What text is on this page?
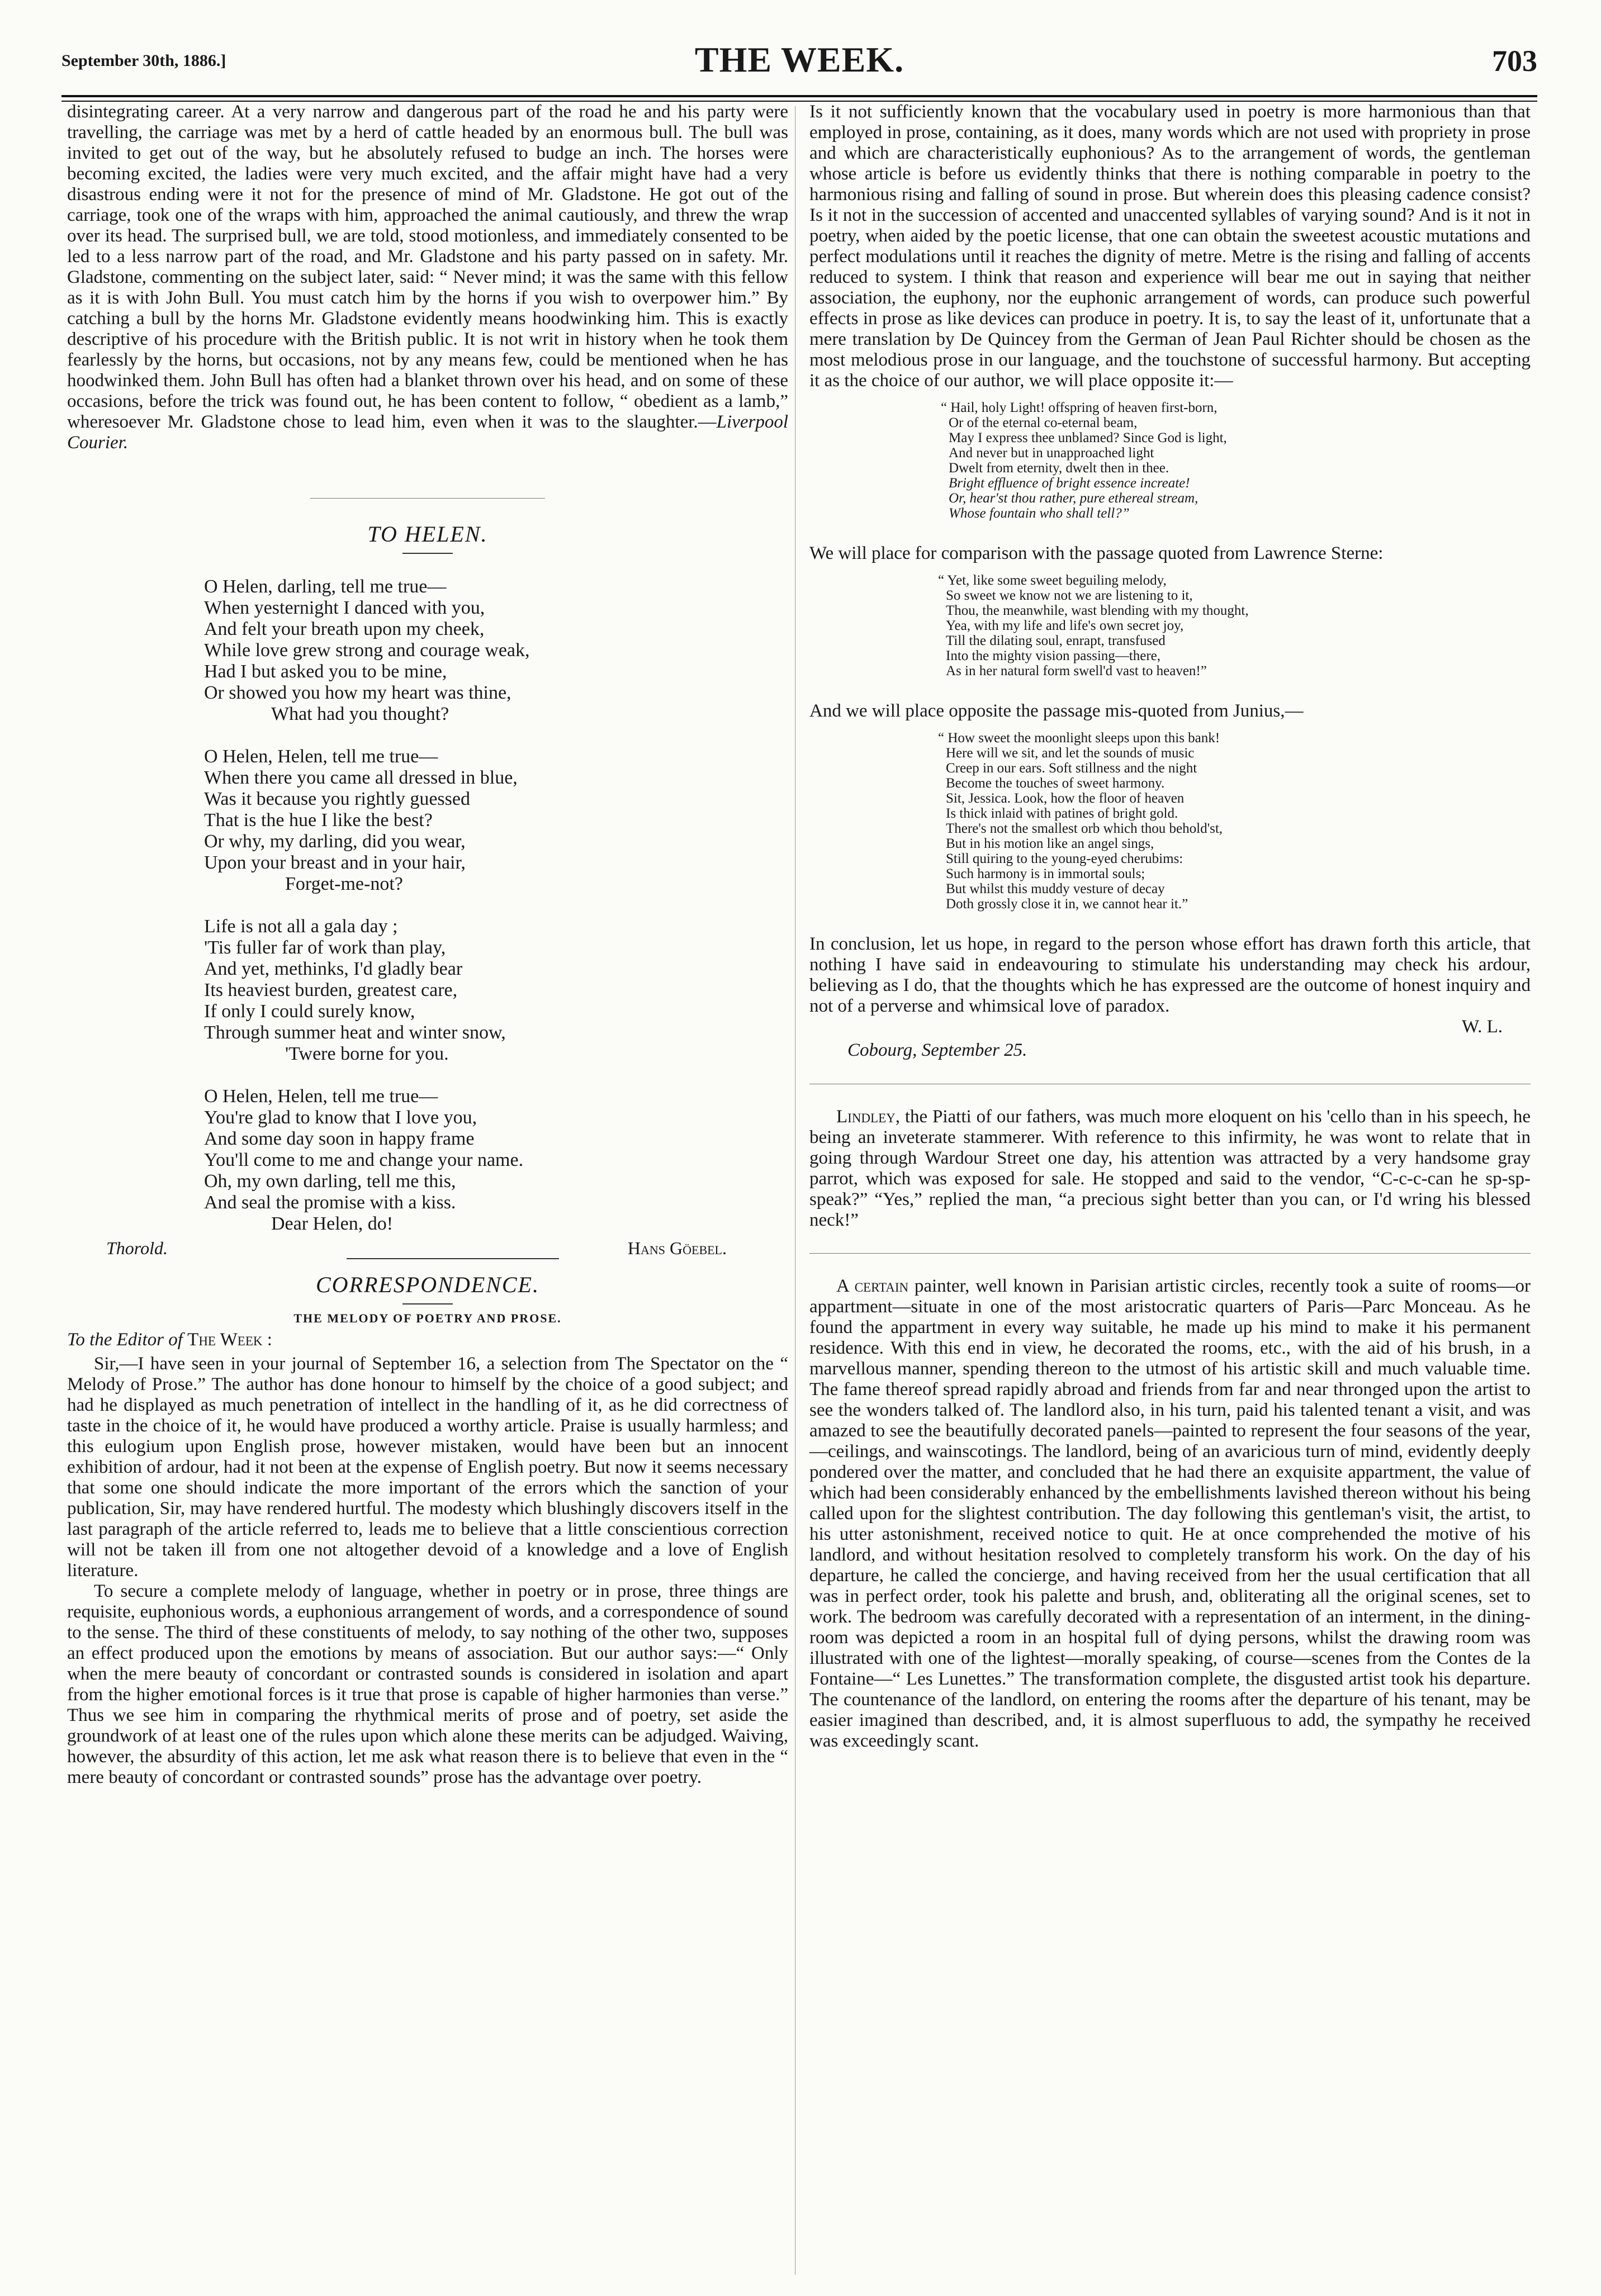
September 30th, 1886.]	THE WEEK.	703

disintegrating career. At a very narrow and dangerous part of the road he and his party were travelling, the carriage was met by a herd of cattle headed by an enormous bull. The bull was invited to get out of the way, but he absolutely refused to budge an inch. The horses were becoming excited, the ladies were very much excited, and the affair might have had a very disastrous ending were it not for the presence of mind of Mr. Gladstone. He got out of the carriage, took one of the wraps with him, approached the animal cautiously, and threw the wrap over its head. The surprised bull, we are told, stood motionless, and immediately consented to be led to a less narrow part of the road, and Mr. Gladstone and his party passed on in safety. Mr. Gladstone, commenting on the subject later, said: “ Never mind; it was the same with this fellow as it is with John Bull. You must catch him by the horns if you wish to overpower him.” By catching a bull by the horns Mr. Gladstone evidently means hoodwinking him. This is exactly descriptive of his procedure with the British public. It is not writ in history when he took them fearlessly by the horns, but occasions, not by any means few, could be mentioned when he has hoodwinked them. John Bull has often had a blanket thrown over his head, and on some of these occasions, before the trick was found out, he has been content to follow, “ obedient as a lamb,” wheresoever Mr. Gladstone chose to lead him, even when it was to the slaughter.—Liverpool Courier.

TO HELEN.
O Helen, darling, tell me true—
When yesternight I danced with you,
And felt your breath upon my cheek,
While love grew strong and courage weak,
Had I but asked you to be mine,
Or showed you how my heart was thine,
What had you thought?
O Helen, Helen, tell me true—
When there you came all dressed in blue,
Was it because you rightly guessed
That is the hue I like the best?
Or why, my darling, did you wear,
Upon your breast and in your hair,
Forget-me-not?
Life is not all a gala day ;
'Tis fuller far of work than play,
And yet, methinks, I'd gladly bear
Its heaviest burden, greatest care,
If only I could surely know,
Through summer heat and winter snow,
'Twere borne for you.
O Helen, Helen, tell me true—
You're glad to know that I love you,
And some day soon in happy frame
You'll come to me and change your name.
Oh, my own darling, tell me this,
And seal the promise with a kiss.
Dear Helen, do!
Thorold.	Hans Göebel.
CORRESPONDENCE.
THE MELODY OF POETRY AND PROSE.
To the Editor of The Week :

Sir,—I have seen in your journal of September 16, a selection from The Spectator on the “ Melody of Prose.” The author has done honour to himself by the choice of a good subject; and had he displayed as much penetration of intellect in the handling of it, as he did correctness of taste in the choice of it, he would have produced a worthy article. Praise is usually harmless; and this eulogium upon English prose, however mistaken, would have been but an innocent exhibition of ardour, had it not been at the expense of English poetry. But now it seems necessary that some one should indicate the more important of the errors which the sanction of your publication, Sir, may have rendered hurtful. The modesty which blushingly discovers itself in the last paragraph of the article referred to, leads me to believe that a little conscientious correction will not be taken ill from one not altogether devoid of a knowledge and a love of English literature.

To secure a complete melody of language, whether in poetry or in prose, three things are requisite, euphonious words, a euphonious arrangement of words, and a correspondence of sound to the sense. The third of these constituents of melody, to say nothing of the other two, supposes an effect produced upon the emotions by means of association. But our author says:—“ Only when the mere beauty of concordant or contrasted sounds is considered in isolation and apart from the higher emotional forces is it true that prose is capable of higher harmonies than verse.” Thus we see him in comparing the rhythmical merits of prose and of poetry, set aside the groundwork of at least one of the rules upon which alone these merits can be adjudged. Waiving, however, the absurdity of this action, let me ask what reason there is to believe that even in the “ mere beauty of concordant or contrasted sounds” prose has the advantage over poetry.

Is it not sufficiently known that the vocabulary used in poetry is more harmonious than that employed in prose, containing, as it does, many words which are not used with propriety in prose and which are characteristically euphonious? As to the arrangement of words, the gentleman whose article is before us evidently thinks that there is nothing comparable in poetry to the harmonious rising and falling of sound in prose. But wherein does this pleasing cadence consist? Is it not in the succession of accented and unaccented syllables of varying sound? And is it not in poetry, when aided by the poetic license, that one can obtain the sweetest acoustic mutations and perfect modulations until it reaches the dignity of metre. Metre is the rising and falling of accents reduced to system. I think that reason and experience will bear me out in saying that neither association, the euphony, nor the euphonic arrangement of words, can produce such powerful effects in prose as like devices can produce in poetry. It is, to say the least of it, unfortunate that a mere translation by De Quincey from the German of Jean Paul Richter should be chosen as the most melodious prose in our language, and the touchstone of successful harmony. But accepting it as the choice of our author, we will place opposite it:—

“ Hail, holy Light! offspring of heaven first-born,
Or of the eternal co-eternal beam,
May I express thee unblamed? Since God is light,
And never but in unapproached light
Dwelt from eternity, dwelt then in thee.
Bright effluence of bright essence increate!
Or, hear'st thou rather, pure ethereal stream,
Whose fountain who shall tell?”

We will place for comparison with the passage quoted from Lawrence Sterne:

“ Yet, like some sweet beguiling melody,
So sweet we know not we are listening to it,
Thou, the meanwhile, wast blending with my thought,
Yea, with my life and life's own secret joy,
Till the dilating soul, enrapt, transfused
Into the mighty vision passing—there,
As in her natural form swell'd vast to heaven!”

And we will place opposite the passage mis-quoted from Junius,—

“ How sweet the moonlight sleeps upon this bank!
Here will we sit, and let the sounds of music
Creep in our ears. Soft stillness and the night
Become the touches of sweet harmony.
Sit, Jessica. Look, how the floor of heaven
Is thick inlaid with patines of bright gold.
There's not the smallest orb which thou behold'st,
But in his motion like an angel sings,
Still quiring to the young-eyed cherubims:
Such harmony is in immortal souls;
But whilst this muddy vesture of decay
Doth grossly close it in, we cannot hear it.”

In conclusion, let us hope, in regard to the person whose effort has drawn forth this article, that nothing I have said in endeavouring to stimulate his understanding may check his ardour, believing as I do, that the thoughts which he has expressed are the outcome of honest inquiry and not of a perverse and whimsical love of paradox.

W. L.
Cobourg, September 25.

Lindley, the Piatti of our fathers, was much more eloquent on his 'cello than in his speech, he being an inveterate stammerer. With reference to this infirmity, he was wont to relate that in going through Wardour Street one day, his attention was attracted by a very handsome gray parrot, which was exposed for sale. He stopped and said to the vendor, “C-c-c-can he sp-sp-speak?” “Yes,” replied the man, “a precious sight better than you can, or I'd wring his blessed neck!”

A certain painter, well known in Parisian artistic circles, recently took a suite of rooms—or appartment—situate in one of the most aristocratic quarters of Paris—Parc Monceau. As he found the appartment in every way suitable, he made up his mind to make it his permanent residence. With this end in view, he decorated the rooms, etc., with the aid of his brush, in a marvellous manner, spending thereon to the utmost of his artistic skill and much valuable time. The fame thereof spread rapidly abroad and friends from far and near thronged upon the artist to see the wonders talked of. The landlord also, in his turn, paid his talented tenant a visit, and was amazed to see the beautifully decorated panels—painted to represent the four seasons of the year,—ceilings, and wainscotings. The landlord, being of an avaricious turn of mind, evidently deeply pondered over the matter, and concluded that he had there an exquisite appartment, the value of which had been considerably enhanced by the embellishments lavished thereon without his being called upon for the slightest contribution. The day following this gentleman's visit, the artist, to his utter astonishment, received notice to quit. He at once comprehended the motive of his landlord, and without hesitation resolved to completely transform his work. On the day of his departure, he called the concierge, and having received from her the usual certification that all was in perfect order, took his palette and brush, and, obliterating all the original scenes, set to work. The bedroom was carefully decorated with a representation of an interment, in the dining-room was depicted a room in an hospital full of dying persons, whilst the drawing room was illustrated with one of the lightest—morally speaking, of course—scenes from the Contes de la Fontaine—“ Les Lunettes.” The transformation complete, the disgusted artist took his departure. The countenance of the landlord, on entering the rooms after the departure of his tenant, may be easier imagined than described, and, it is almost superfluous to add, the sympathy he received was exceedingly scant.
